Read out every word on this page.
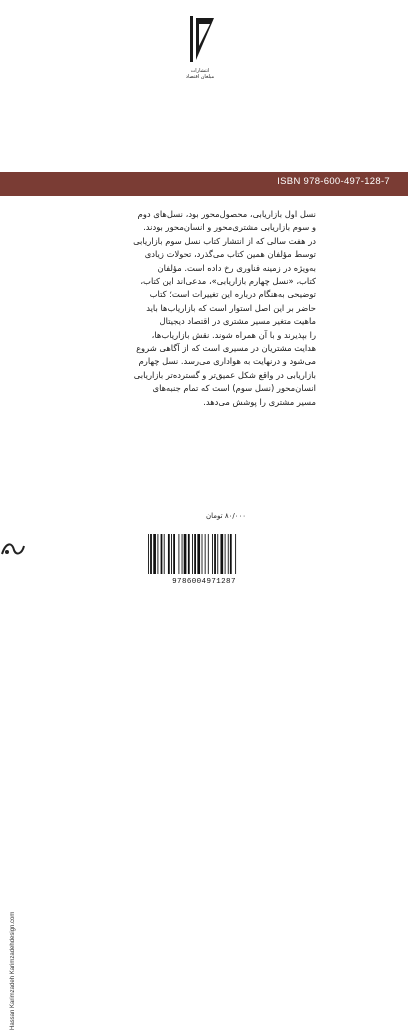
انتشارات
مبلغان اقتصاد
ISBN 978-600-497-128-7
نسل اول بازاریابی، محصول‌محور بود، نسل‌های دوم
و سوم بازاریابی مشتری‌محور و انسان‌محور بودند.
در هفت سالی که از انتشار کتاب نسل سوم بازاریابی
توسط مؤلفان همین کتاب می‌گذرد، تحولات زیادی
به‌ویژه در زمینه فناوری رخ داده است. مؤلفان
کتاب، «نسل چهارم بازاریابی»، مدعی‌اند این کتاب،
توضیحی به‌هنگام درباره این تغییرات است؛ کتاب
حاضر بر این اصل استوار است که بازاریاب‌ها باید
ماهیت متغیر مسیر مشتری در اقتصاد دیجیتال
را بپذیرند و با آن همراه شوند. نقش بازاریاب‌ها،
هدایت مشتریان در مسیری است که از آگاهی شروع
می‌شود و درنهایت به هواداری می‌رسد. نسل چهارم
بازاریابی در واقع شکل عمیق‌تر و گسترده‌تر بازاریابی
انسان‌محور (نسل سوم) است که تمام جنبه‌های
مسیر مشتری را پوشش می‌دهد.
۸۰/۰۰۰ تومان
Hassan Karimzadeh Karimzadehdesign.com
9786004971287
